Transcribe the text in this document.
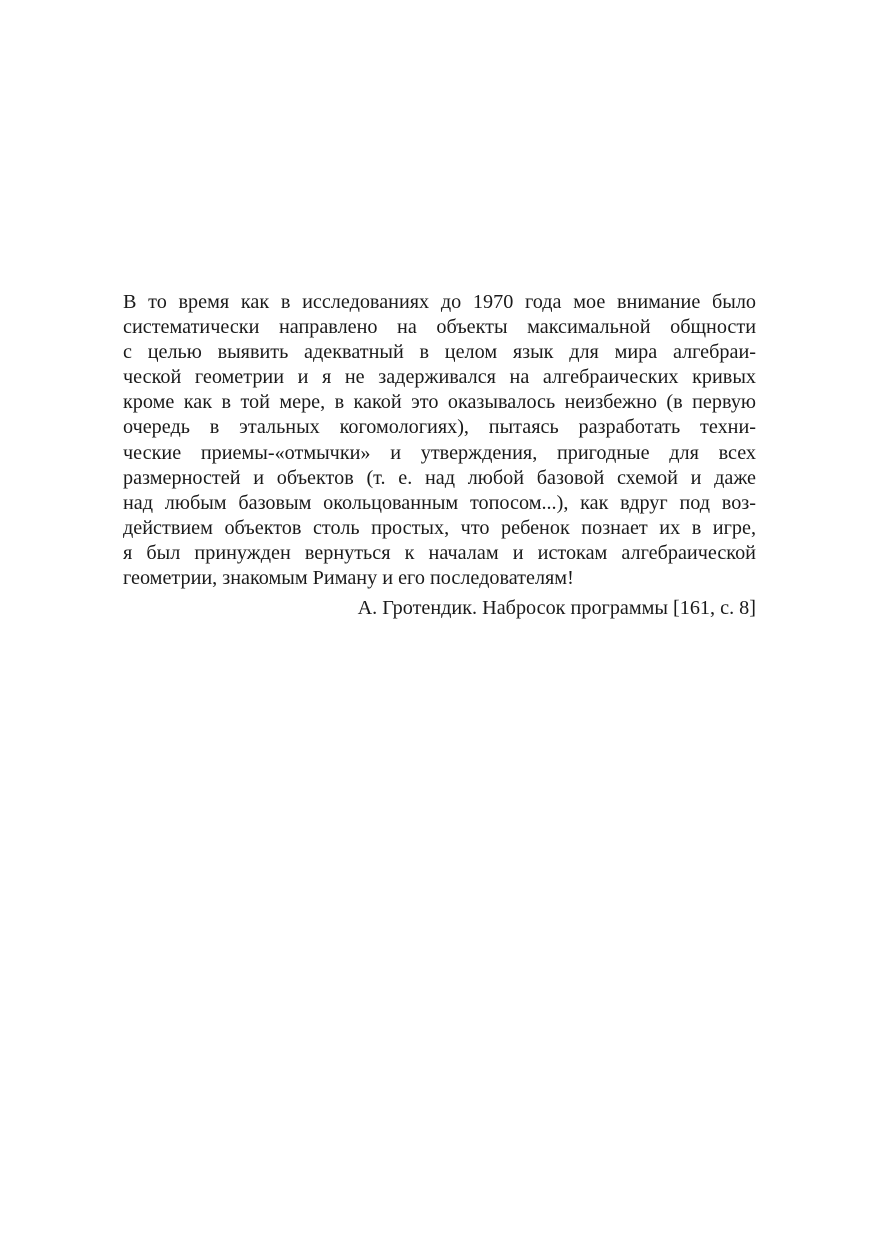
В то время как в исследованиях до 1970 года мое внимание было
систематически направлено на объекты максимальной общности
с целью выявить адекватный в целом язык для мира алгебраи-
ческой геометрии и я не задерживался на алгебраических кривых
кроме как в той мере, в какой это оказывалось неизбежно (в первую
очередь в этальных когомологиях), пытаясь разработать техни-
ческие приемы-«отмычки» и утверждения, пригодные для всех
размерностей и объектов (т. е. над любой базовой схемой и даже
над любым базовым окольцованным топосом...), как вдруг под воз-
действием объектов столь простых, что ребенок познает их в игре,
я был принужден вернуться к началам и истокам алгебраической
геометрии, знакомым Риману и его последователям!
А. Гротендик. Набросок программы [161, с. 8]
